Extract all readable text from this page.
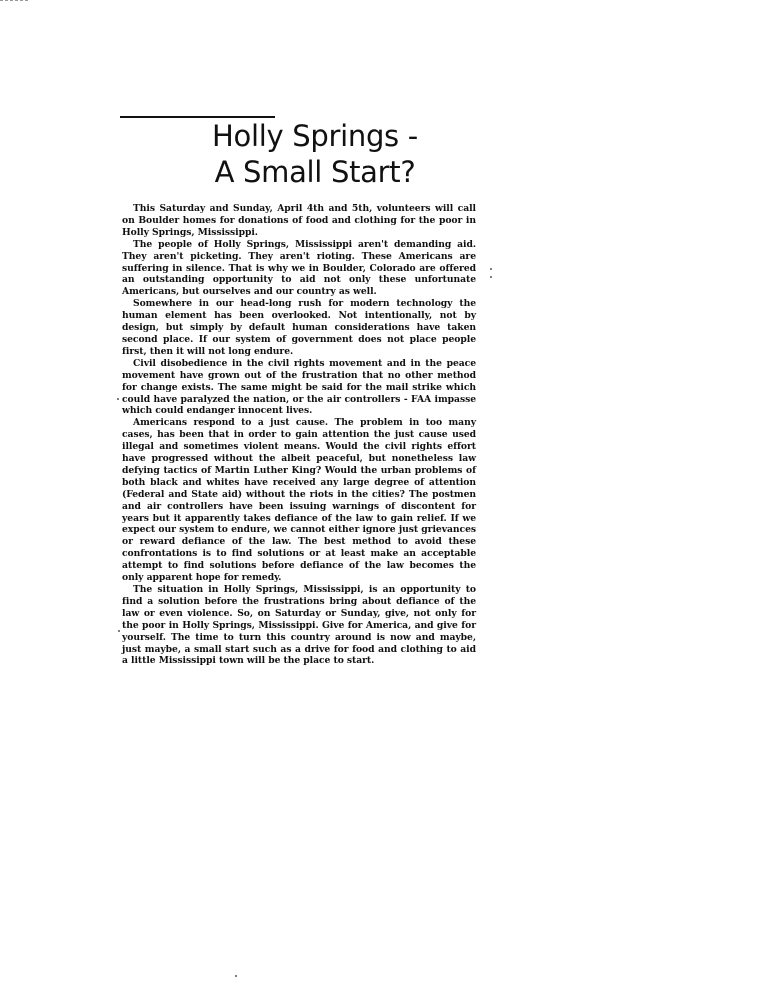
Holly Springs -
A Small Start?

This Saturday and Sunday, April 4th and 5th, volunteers will call on Boulder homes for donations of food and clothing for the poor in Holly Springs, Mississippi.

The people of Holly Springs, Mississippi aren't demanding aid. They aren't picketing. They aren't rioting. These Americans are suffering in silence. That is why we in Boulder, Colorado are offered an outstanding opportunity to aid not only these unfortunate Americans, but ourselves and our country as well.

Somewhere in our head-long rush for modern technology the human element has been overlooked. Not intentionally, not by design, but simply by default human considerations have taken second place. If our system of government does not place people first, then it will not long endure.

Civil disobedience in the civil rights movement and in the peace movement have grown out of the frustration that no other method for change exists. The same might be said for the mail strike which could have paralyzed the nation, or the air controllers - FAA impasse which could endanger innocent lives.

Americans respond to a just cause. The problem in too many cases, has been that in order to gain attention the just cause used illegal and sometimes violent means. Would the civil rights effort have progressed without the albeit peaceful, but nonetheless law defying tactics of Martin Luther King? Would the urban problems of both black and whites have received any large degree of attention (Federal and State aid) without the riots in the cities? The postmen and air controllers have been issuing warnings of discontent for years but it apparently takes defiance of the law to gain relief. If we expect our system to endure, we cannot either ignore just grievances or reward defiance of the law. The best method to avoid these confrontations is to find solutions or at least make an acceptable attempt to find solutions before defiance of the law becomes the only apparent hope for remedy.

The situation in Holly Springs, Mississippi, is an opportunity to find a solution before the frustrations bring about defiance of the law or even violence. So, on Saturday or Sunday, give, not only for the poor in Holly Springs, Mississippi. Give for America, and give for yourself. The time to turn this country around is now and maybe, just maybe, a small start such as a drive for food and clothing to aid a little Mississippi town will be the place to start.
